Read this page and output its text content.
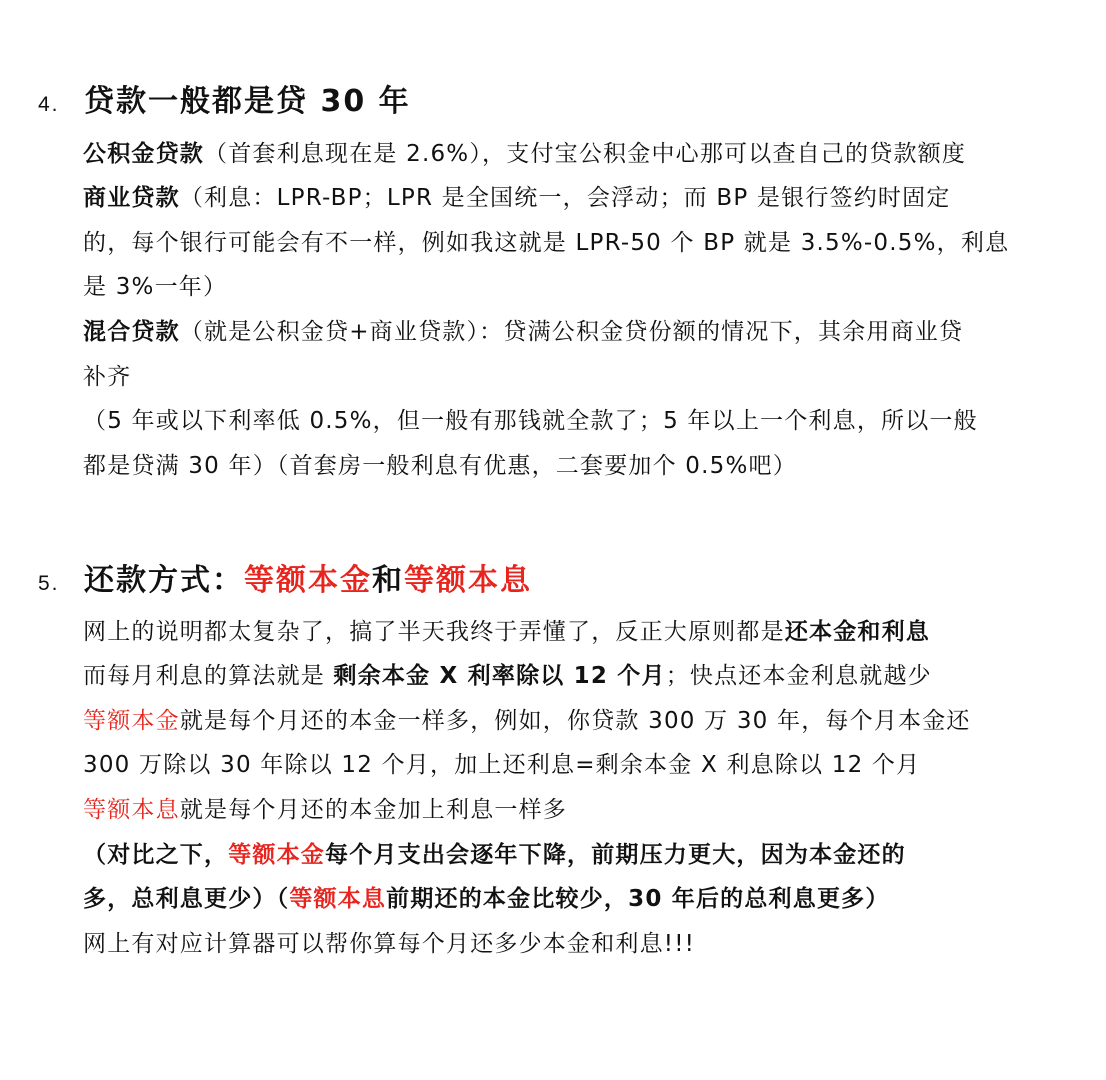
4. 贷款一般都是贷 30 年
公积金贷款（首套利息现在是 2.6%），支付宝公积金中心那可以查自己的贷款额度
商业贷款（利息：LPR-BP；LPR 是全国统一，会浮动；而 BP 是银行签约时固定
的，每个银行可能会有不一样，例如我这就是 LPR-50 个 BP 就是 3.5%-0.5%，利息
是 3%一年）
混合贷款（就是公积金贷+商业贷款）：贷满公积金贷份额的情况下，其余用商业贷
补齐
（5 年或以下利率低 0.5%，但一般有那钱就全款了；5 年以上一个利息，所以一般
都是贷满 30 年）（首套房一般利息有优惠，二套要加个 0.5%吧）
5. 还款方式：等额本金和等额本息
网上的说明都太复杂了，搞了半天我终于弄懂了，反正大原则都是还本金和利息
而每月利息的算法就是 剩余本金 X 利率除以 12 个月；快点还本金利息就越少
等额本金就是每个月还的本金一样多，例如，你贷款 300 万 30 年，每个月本金还
300 万除以 30 年除以 12 个月，加上还利息=剩余本金 X 利息除以 12 个月
等额本息就是每个月还的本金加上利息一样多
（对比之下，等额本金每个月支出会逐年下降，前期压力更大，因为本金还的
多，总利息更少）（等额本息前期还的本金比较少，30 年后的总利息更多）
网上有对应计算器可以帮你算每个月还多少本金和利息!!!
